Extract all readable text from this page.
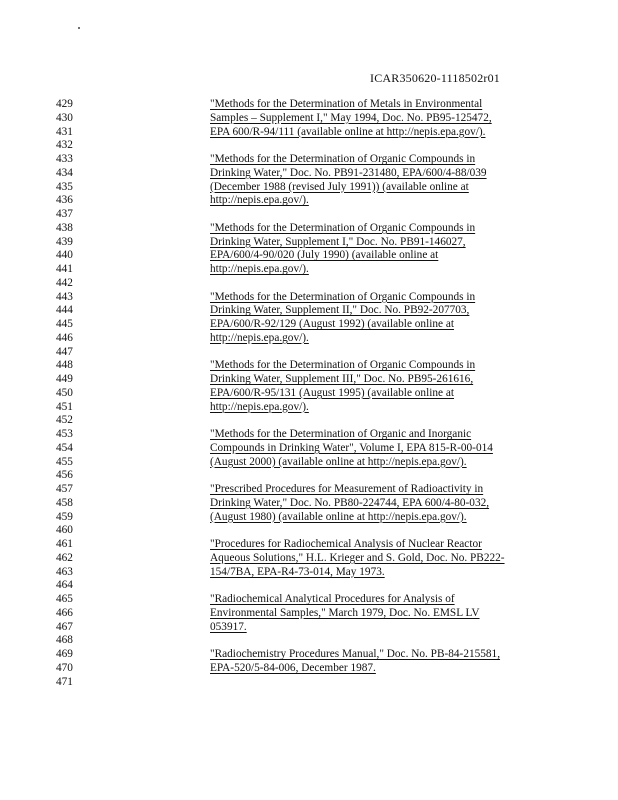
ICAR350620-1118502r01
429	"Methods for the Determination of Metals in Environmental
430	Samples – Supplement I," May 1994, Doc. No. PB95-125472,
431	EPA 600/R-94/111 (available online at http://nepis.epa.gov/).
432
433	"Methods for the Determination of Organic Compounds in
434	Drinking Water," Doc. No. PB91-231480, EPA/600/4-88/039
435	(December 1988 (revised July 1991)) (available online at
436	http://nepis.epa.gov/).
437
438	"Methods for the Determination of Organic Compounds in
439	Drinking Water, Supplement I," Doc. No. PB91-146027,
440	EPA/600/4-90/020 (July 1990) (available online at
441	http://nepis.epa.gov/).
442
443	"Methods for the Determination of Organic Compounds in
444	Drinking Water, Supplement II," Doc. No. PB92-207703,
445	EPA/600/R-92/129 (August 1992) (available online at
446	http://nepis.epa.gov/).
447
448	"Methods for the Determination of Organic Compounds in
449	Drinking Water, Supplement III," Doc. No. PB95-261616,
450	EPA/600/R-95/131 (August 1995) (available online at
451	http://nepis.epa.gov/).
452
453	"Methods for the Determination of Organic and Inorganic
454	Compounds in Drinking Water", Volume I, EPA 815-R-00-014
455	(August 2000) (available online at http://nepis.epa.gov/).
456
457	"Prescribed Procedures for Measurement of Radioactivity in
458	Drinking Water," Doc. No. PB80-224744, EPA 600/4-80-032,
459	(August 1980) (available online at http://nepis.epa.gov/).
460
461	"Procedures for Radiochemical Analysis of Nuclear Reactor
462	Aqueous Solutions," H.L. Krieger and S. Gold, Doc. No. PB222-
463	154/7BA, EPA-R4-73-014, May 1973.
464
465	"Radiochemical Analytical Procedures for Analysis of
466	Environmental Samples," March 1979, Doc. No. EMSL LV
467	053917.
468
469	"Radiochemistry Procedures Manual," Doc. No. PB-84-215581,
470	EPA-520/5-84-006, December 1987.
471
